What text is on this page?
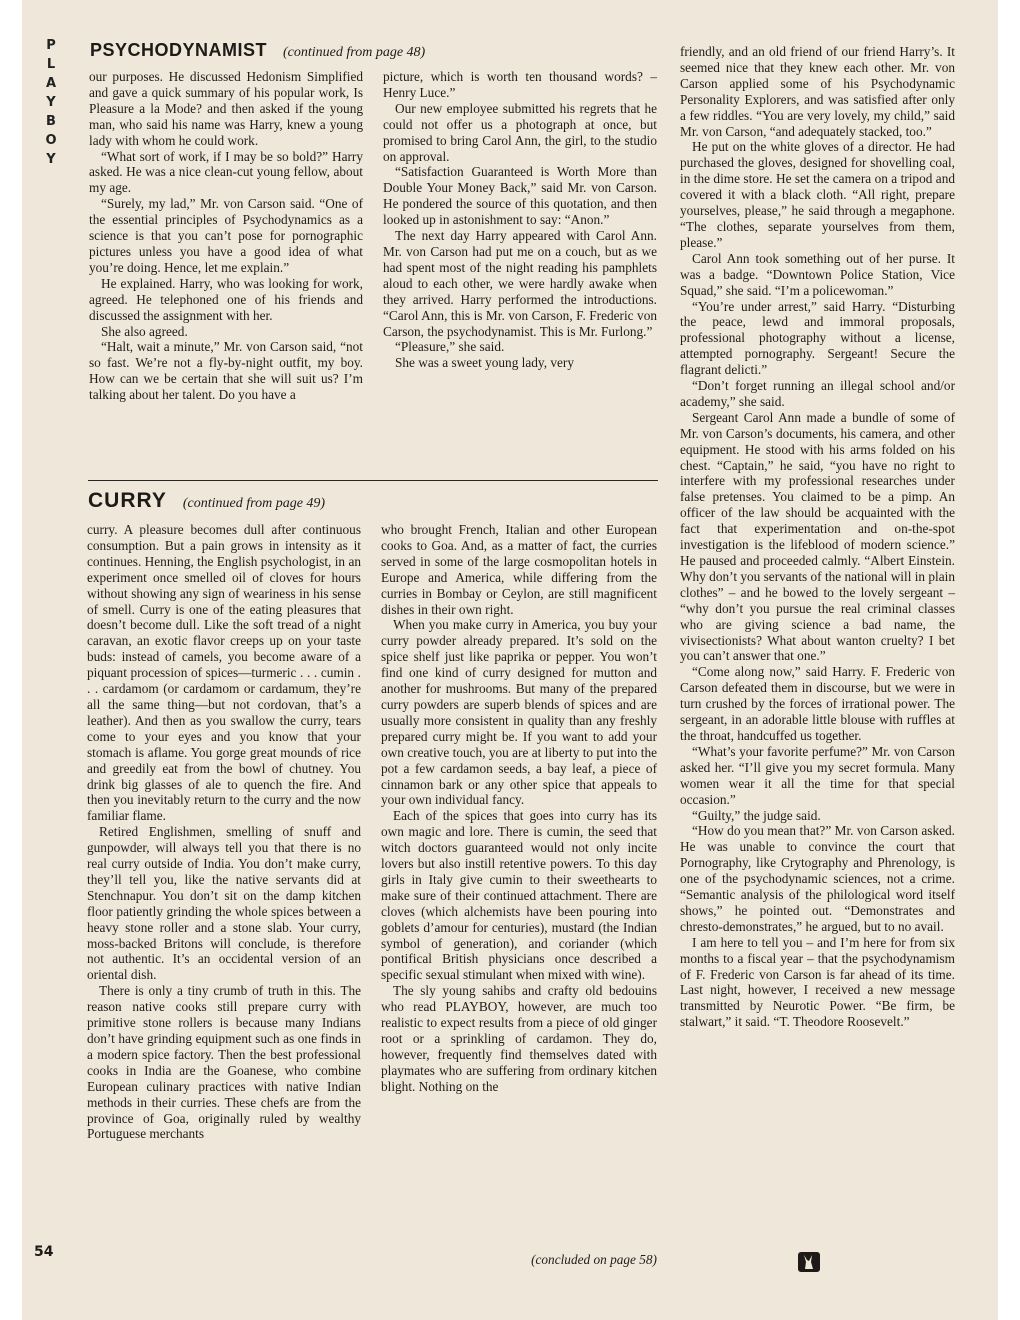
P
L
A
Y
B
O
Y
PSYCHODYNAMIST (continued from page 48)

our purposes. He discussed Hedonism Simplified and gave a quick summary of his popular work, Is Pleasure a la Mode? and then asked if the young man, who said his name was Harry, knew a young lady with whom he could work.

“What sort of work, if I may be so bold?” Harry asked. He was a nice clean-cut young fellow, about my age.

“Surely, my lad,” Mr. von Carson said. “One of the essential principles of Psychodynamics as a science is that you can’t pose for pornographic pictures unless you have a good idea of what you’re doing. Hence, let me explain.”

He explained. Harry, who was looking for work, agreed. He telephoned one of his friends and discussed the assignment with her.

She also agreed.

“Halt, wait a minute,” Mr. von Carson said, “not so fast. We’re not a fly-by-night outfit, my boy. How can we be certain that she will suit us? I’m talking about her talent. Do you have a

picture, which is worth ten thousand words? – Henry Luce.”

Our new employee submitted his regrets that he could not offer us a photograph at once, but promised to bring Carol Ann, the girl, to the studio on approval.

“Satisfaction Guaranteed is Worth More than Double Your Money Back,” said Mr. von Carson. He pondered the source of this quotation, and then looked up in astonishment to say: “Anon.”

The next day Harry appeared with Carol Ann. Mr. von Carson had put me on a couch, but as we had spent most of the night reading his pamphlets aloud to each other, we were hardly awake when they arrived. Harry performed the introductions. “Carol Ann, this is Mr. von Carson, F. Frederic von Carson, the psychodynamist. This is Mr. Furlong.”

“Pleasure,” she said.

She was a sweet young lady, very

CURRY (continued from page 49)

curry. A pleasure becomes dull after continuous consumption. But a pain grows in intensity as it continues. Henning, the English psychologist, in an experiment once smelled oil of cloves for hours without showing any sign of weariness in his sense of smell. Curry is one of the eating pleasures that doesn’t become dull. Like the soft tread of a night caravan, an exotic flavor creeps up on your taste buds: instead of camels, you become aware of a piquant procession of spices—turmeric . . . cumin . . . cardamom (or cardamom or cardamum, they’re all the same thing—but not cordovan, that’s a leather). And then as you swallow the curry, tears come to your eyes and you know that your stomach is aflame. You gorge great mounds of rice and greedily eat from the bowl of chutney. You drink big glasses of ale to quench the fire. And then you inevitably return to the curry and the now familiar flame.

Retired Englishmen, smelling of snuff and gunpowder, will always tell you that there is no real curry outside of India. You don’t make curry, they’ll tell you, like the native servants did at Stenchnapur. You don’t sit on the damp kitchen floor patiently grinding the whole spices between a heavy stone roller and a stone slab. Your curry, moss-backed Britons will conclude, is therefore not authentic. It’s an occidental version of an oriental dish.

There is only a tiny crumb of truth in this. The reason native cooks still prepare curry with primitive stone rollers is because many Indians don’t have grinding equipment such as one finds in a modern spice factory. Then the best professional cooks in India are the Goanese, who combine European culinary practices with native Indian methods in their curries. These chefs are from the province of Goa, originally ruled by wealthy Portuguese merchants

who brought French, Italian and other European cooks to Goa. And, as a matter of fact, the curries served in some of the large cosmopolitan hotels in Europe and America, while differing from the curries in Bombay or Ceylon, are still magnificent dishes in their own right.

When you make curry in America, you buy your curry powder already prepared. It’s sold on the spice shelf just like paprika or pepper. You won’t find one kind of curry designed for mutton and another for mushrooms. But many of the prepared curry powders are superb blends of spices and are usually more consistent in quality than any freshly prepared curry might be. If you want to add your own creative touch, you are at liberty to put into the pot a few cardamon seeds, a bay leaf, a piece of cinnamon bark or any other spice that appeals to your own individual fancy.

Each of the spices that goes into curry has its own magic and lore. There is cumin, the seed that witch doctors guaranteed would not only incite lovers but also instill retentive powers. To this day girls in Italy give cumin to their sweethearts to make sure of their continued attachment. There are cloves (which alchemists have been pouring into goblets d’amour for centuries), mustard (the Indian symbol of generation), and coriander (which pontifical British physicians once described a specific sexual stimulant when mixed with wine).

The sly young sahibs and crafty old bedouins who read PLAYBOY, however, are much too realistic to expect results from a piece of old ginger root or a sprinkling of cardamon. They do, however, frequently find themselves dated with playmates who are suffering from ordinary kitchen blight. Nothing on the

(concluded on page 58)

friendly, and an old friend of our friend Harry’s. It seemed nice that they knew each other. Mr. von Carson applied some of his Psychodynamic Personality Explorers, and was satisfied after only a few riddles. “You are very lovely, my child,” said Mr. von Carson, “and adequately stacked, too.”

He put on the white gloves of a director. He had purchased the gloves, designed for shovelling coal, in the dime store. He set the camera on a tripod and covered it with a black cloth. “All right, prepare yourselves, please,” he said through a megaphone. “The clothes, separate yourselves from them, please.”

Carol Ann took something out of her purse. It was a badge. “Downtown Police Station, Vice Squad,” she said. “I’m a policewoman.”

“You’re under arrest,” said Harry. “Disturbing the peace, lewd and immoral proposals, professional photography without a license, attempted pornography. Sergeant! Secure the flagrant delicti.”

“Don’t forget running an illegal school and/or academy,” she said.

Sergeant Carol Ann made a bundle of some of Mr. von Carson’s documents, his camera, and other equipment. He stood with his arms folded on his chest. “Captain,” he said, “you have no right to interfere with my professional researches under false pretenses. You claimed to be a pimp. An officer of the law should be acquainted with the fact that experimentation and on-the-spot investigation is the lifeblood of modern science.” He paused and proceeded calmly. “Albert Einstein. Why don’t you servants of the national will in plain clothes” – and he bowed to the lovely sergeant – “why don’t you pursue the real criminal classes who are giving science a bad name, the vivisectionists? What about wanton cruelty? I bet you can’t answer that one.”

“Come along now,” said Harry. F. Frederic von Carson defeated them in discourse, but we were in turn crushed by the forces of irrational power. The sergeant, in an adorable little blouse with ruffles at the throat, handcuffed us together.

“What’s your favorite perfume?” Mr. von Carson asked her. “I’ll give you my secret formula. Many women wear it all the time for that special occasion.”

“Guilty,” the judge said.

“How do you mean that?” Mr. von Carson asked. He was unable to convince the court that Pornography, like Crytography and Phrenology, is one of the psychodynamic sciences, not a crime. “Semantic analysis of the philological word itself shows,” he pointed out. “Demonstrates and chresto-demonstrates,” he argued, but to no avail.

I am here to tell you – and I’m here for from six months to a fiscal year – that the psychodynamism of F. Frederic von Carson is far ahead of its time. Last night, however, I received a new message transmitted by Neurotic Power. “Be firm, be stalwart,” it said. “T. Theodore Roosevelt.”

54
